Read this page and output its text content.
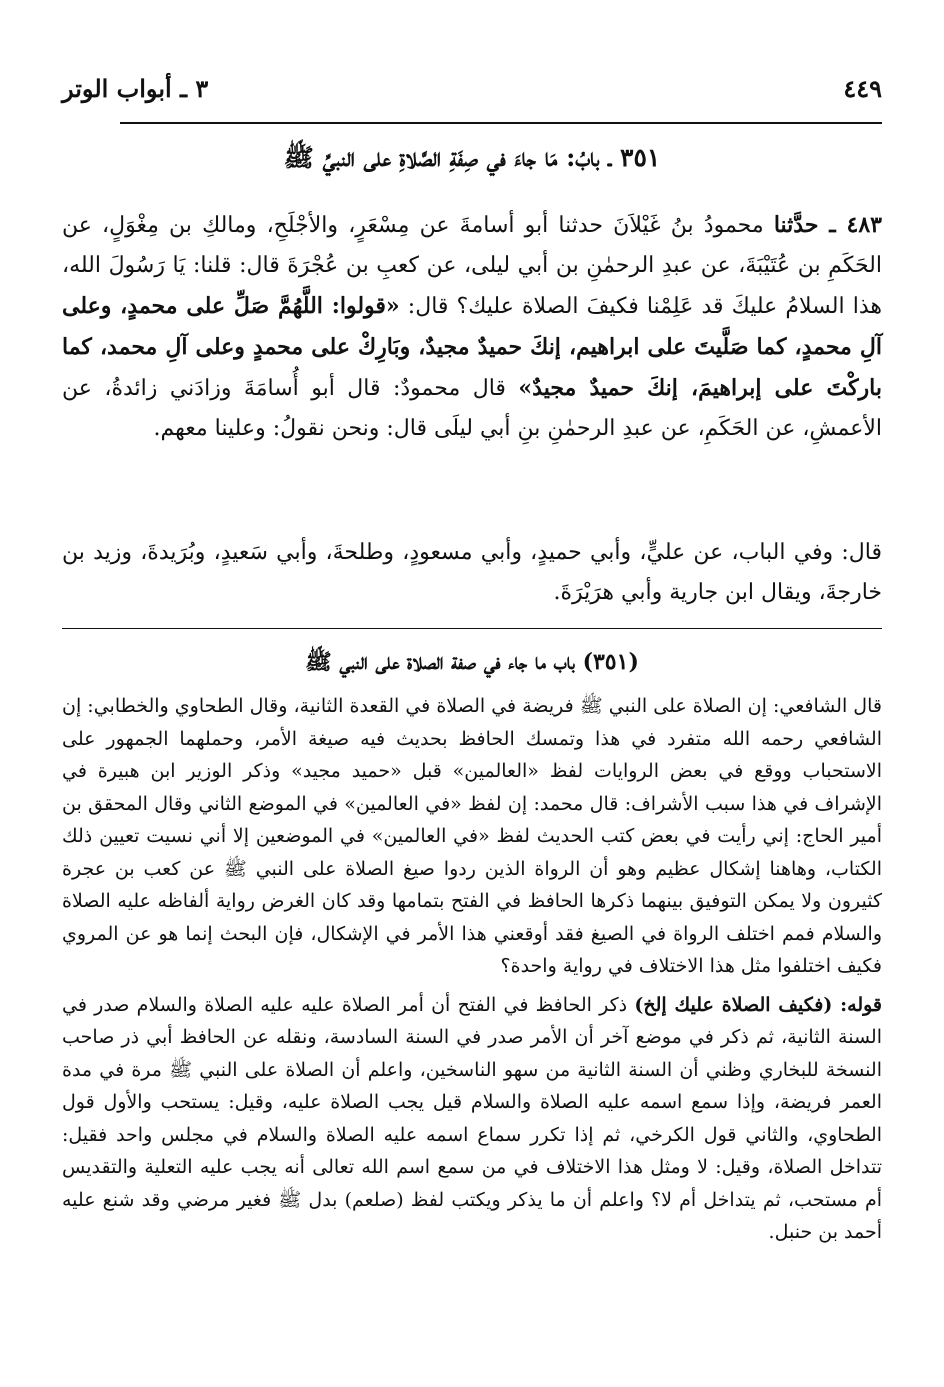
٣ ـ أبواب الوتر	٤٤٩
٣٥١ ـ بابُ: مَا جاءَ في صِفَةِ الصَّلاةِ على النبيِّ ﷺ

٤٨٣ ـ حدَّثنا محمودُ بنُ غَيْلاَنَ حدثنا أبو أسامةَ عن مِسْعَرٍ، والأجْلَحِ، ومالكِ بن مِغْوَلٍ، عن الحَكَمِ بن عُتَيْبَةَ، عن عبدِ الرحمٰنِ بن أبي ليلى، عن كعبِ بن عُجْرَةَ قال: قلنا: يَا رَسُولَ الله، هذا السلامُ عليكَ قد عَلِمْنا فكيفَ الصلاة عليك؟ قال: «قولوا: اللَّهُمَّ صَلِّ على محمدٍ، وعلى آلِ محمدٍ، كما صَلَّيتَ على ابراهيم، إنكَ حميدٌ مجيدٌ، وبَارِكْ على محمدٍ وعلى آلِ محمد، كما باركْتَ على إبراهيمَ، إنكَ حميدٌ مجيدٌ» قال محمودٌ: قال أبو أُسامَةَ وزادَني زائدةُ، عن الأعمشِ، عن الحَكَمِ، عن عبدِ الرحمٰنِ بنِ أبي ليلَى قال: ونحن نقولُ: وعلينا معهم.

قال: وفي الباب، عن عليٍّ، وأبي حميدٍ، وأبي مسعودٍ، وطلحةَ، وأبي سَعيدٍ، وبُرَيدةَ، وزيد بن خارجةَ، ويقال ابن جارية وأبي هرَيْرَةَ.

(٣٥١) باب ما جاء في صفة الصلاة على النبي ﷺ

قال الشافعي: إن الصلاة على النبي ﷺ فريضة في الصلاة في القعدة الثانية، وقال الطحاوي والخطابي: إن الشافعي رحمه الله متفرد في هذا وتمسك الحافظ بحديث فيه صيغة الأمر، وحملهما الجمهور على الاستحباب ووقع في بعض الروايات لفظ «العالمين» قبل «حميد مجيد» وذكر الوزير ابن هبيرة في الإشراف في هذا سبب الأشراف: قال محمد: إن لفظ «في العالمين» في الموضع الثاني وقال المحقق بن أمير الحاج: إني رأيت في بعض كتب الحديث لفظ «في العالمين» في الموضعين إلا أني نسيت تعيين ذلك الكتاب، وهاهنا إشكال عظيم وهو أن الرواة الذين ردوا صيغ الصلاة على النبي ﷺ عن كعب بن عجرة كثيرون ولا يمكن التوفيق بينهما ذكرها الحافظ في الفتح بتمامها وقد كان الغرض رواية ألفاظه عليه الصلاة والسلام فمم اختلف الرواة في الصيغ فقد أوقعني هذا الأمر في الإشكال، فإن البحث إنما هو عن المروي فكيف اختلفوا مثل هذا الاختلاف في رواية واحدة؟

قوله: (فكيف الصلاة عليك إلخ) ذكر الحافظ في الفتح أن أمر الصلاة عليه عليه الصلاة والسلام صدر في السنة الثانية، ثم ذكر في موضع آخر أن الأمر صدر في السنة السادسة، ونقله عن الحافظ أبي ذر صاحب النسخة للبخاري وظني أن السنة الثانية من سهو الناسخين، واعلم أن الصلاة على النبي ﷺ مرة في مدة العمر فريضة، وإذا سمع اسمه عليه الصلاة والسلام قيل يجب الصلاة عليه، وقيل: يستحب والأول قول الطحاوي، والثاني قول الكرخي، ثم إذا تكرر سماع اسمه عليه الصلاة والسلام في مجلس واحد فقيل: تتداخل الصلاة، وقيل: لا ومثل هذا الاختلاف في من سمع اسم الله تعالى أنه يجب عليه التعلية والتقديس أم مستحب، ثم يتداخل أم لا؟ واعلم أن ما يذكر ويكتب لفظ (صلعم) بدل ﷺ فغير مرضي وقد شنع عليه أحمد بن حنبل.
